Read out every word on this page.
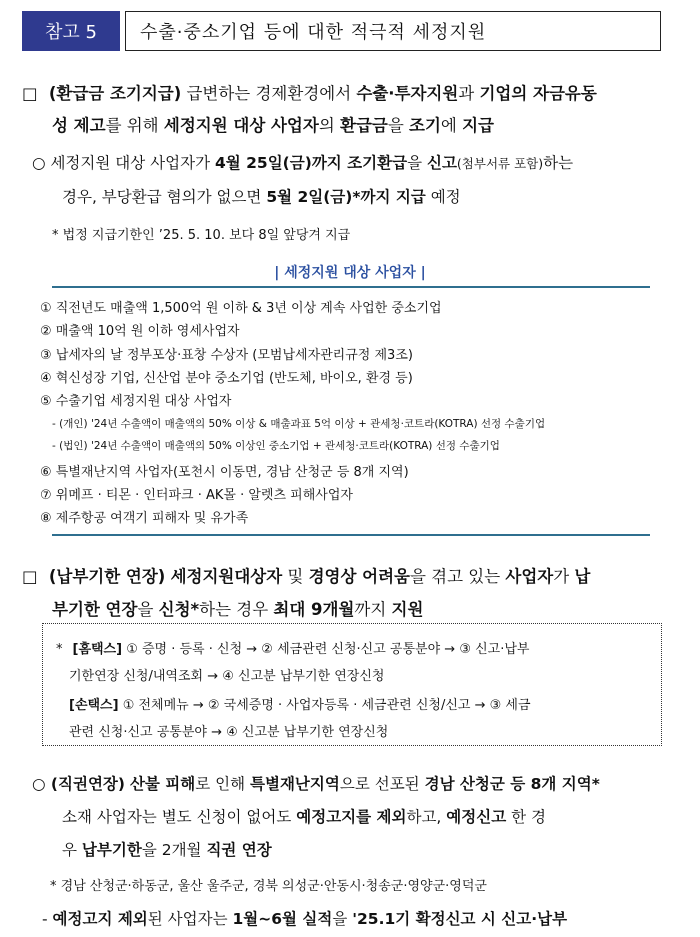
참고 5	수출·중소기업 등에 대한 적극적 세정지원
□ (환급금 조기지급) 급변하는 경제환경에서 수출·투자지원과 기업의 자금유동
성 제고를 위해 세정지원 대상 사업자의 환급금을 조기에 지급
○ 세정지원 대상 사업자가 4월 25일(금)까지 조기환급을 신고(첨부서류 포함)하는
경우, 부당환급 혐의가 없으면 5월 2일(금)*까지 지급 예정
* 법정 지급기한인 ’25. 5. 10. 보다 8일 앞당겨 지급
| 세정지원 대상 사업자 |
① 직전년도 매출액 1,500억 원 이하 & 3년 이상 계속 사업한 중소기업
② 매출액 10억 원 이하 영세사업자
③ 납세자의 날 정부포상·표창 수상자 (모범납세자관리규정 제3조)
④ 혁신성장 기업, 신산업 분야 중소기업 (반도체, 바이오, 환경 등)
⑤ 수출기업 세정지원 대상 사업자
- (개인) '24년 수출액이 매출액의 50% 이상 & 매출과표 5억 이상 + 관세청·코트라(KOTRA) 선정 수출기업
- (법인) '24년 수출액이 매출액의 50% 이상인 중소기업 + 관세청·코트라(KOTRA) 선정 수출기업
⑥ 특별재난지역 사업자(포천시 이동면, 경남 산청군 등 8개 지역)
⑦ 위메프 · 티몬 · 인터파크 · AK몰 · 알렛츠 피해사업자
⑧ 제주항공 여객기 피해자 및 유가족
□ (납부기한 연장) 세정지원대상자 및 경영상 어려움을 겪고 있는 사업자가 납
부기한 연장을 신청*하는 경우 최대 9개월까지 지원
* [홈택스] ① 증명 · 등록 · 신청 → ② 세금관련 신청·신고 공통분야 → ③ 신고·납부
기한연장 신청/내역조회 → ④ 신고분 납부기한 연장신청
[손택스] ① 전체메뉴 → ② 국세증명 · 사업자등록 · 세금관련 신청/신고 → ③ 세금
관련 신청·신고 공통분야 → ④ 신고분 납부기한 연장신청
○ (직권연장) 산불 피해로 인해 특별재난지역으로 선포된 경남 산청군 등 8개 지역*
소재 사업자는 별도 신청이 없어도 예정고지를 제외하고, 예정신고 한 경
우 납부기한을 2개월 직권 연장
* 경남 산청군·하동군, 울산 울주군, 경북 의성군·안동시·청송군·영양군·영덕군
- 예정고지 제외된 사업자는 1월~6월 실적을 '25.1기 확정신고 시 신고·납부
